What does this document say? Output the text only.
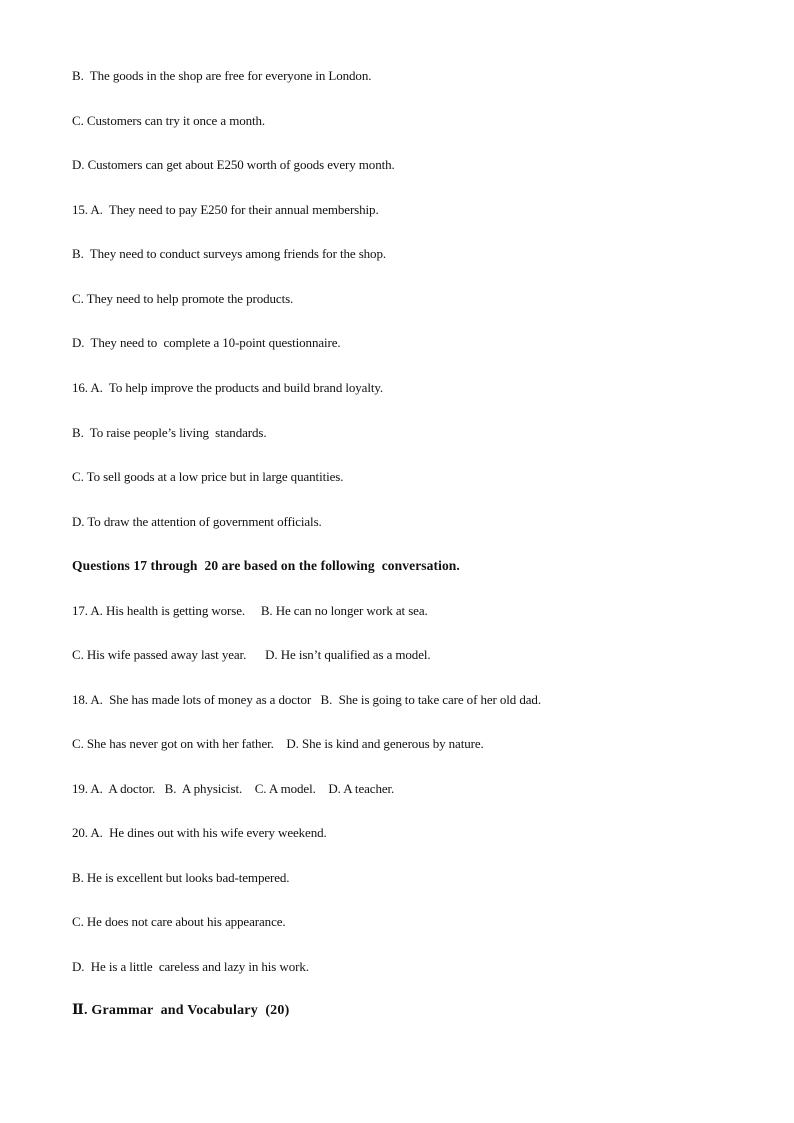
B.  The goods in the shop are free for everyone in London.
C. Customers can try it once a month.
D. Customers can get about E250 worth of goods every month.
15. A.  They need to pay E250 for their annual membership.
B.  They need to conduct surveys among friends for the shop.
C. They need to help promote the products.
D.  They need to  complete a 10-point questionnaire.
16. A.  To help improve the products and build brand loyalty.
B.  To raise people’s living  standards.
C. To sell goods at a low price but in large quantities.
D. To draw the attention of government officials.
Questions 17 through  20 are based on the following  conversation.
17. A. His health is getting worse.     B. He can no longer work at sea.
C. His wife passed away last year.      D. He isn’t qualified as a model.
18. A.  She has made lots of money as a doctor   B.  She is going to take care of her old dad.
C. She has never got on with her father.    D. She is kind and generous by nature.
19. A.  A doctor.   B.  A physicist.    C. A model.    D. A teacher.
20. A.  He dines out with his wife every weekend.
B. He is excellent but looks bad-tempered.
C. He does not care about his appearance.
D.  He is a little  careless and lazy in his work.
Ⅱ. Grammar  and Vocabulary  (20)
